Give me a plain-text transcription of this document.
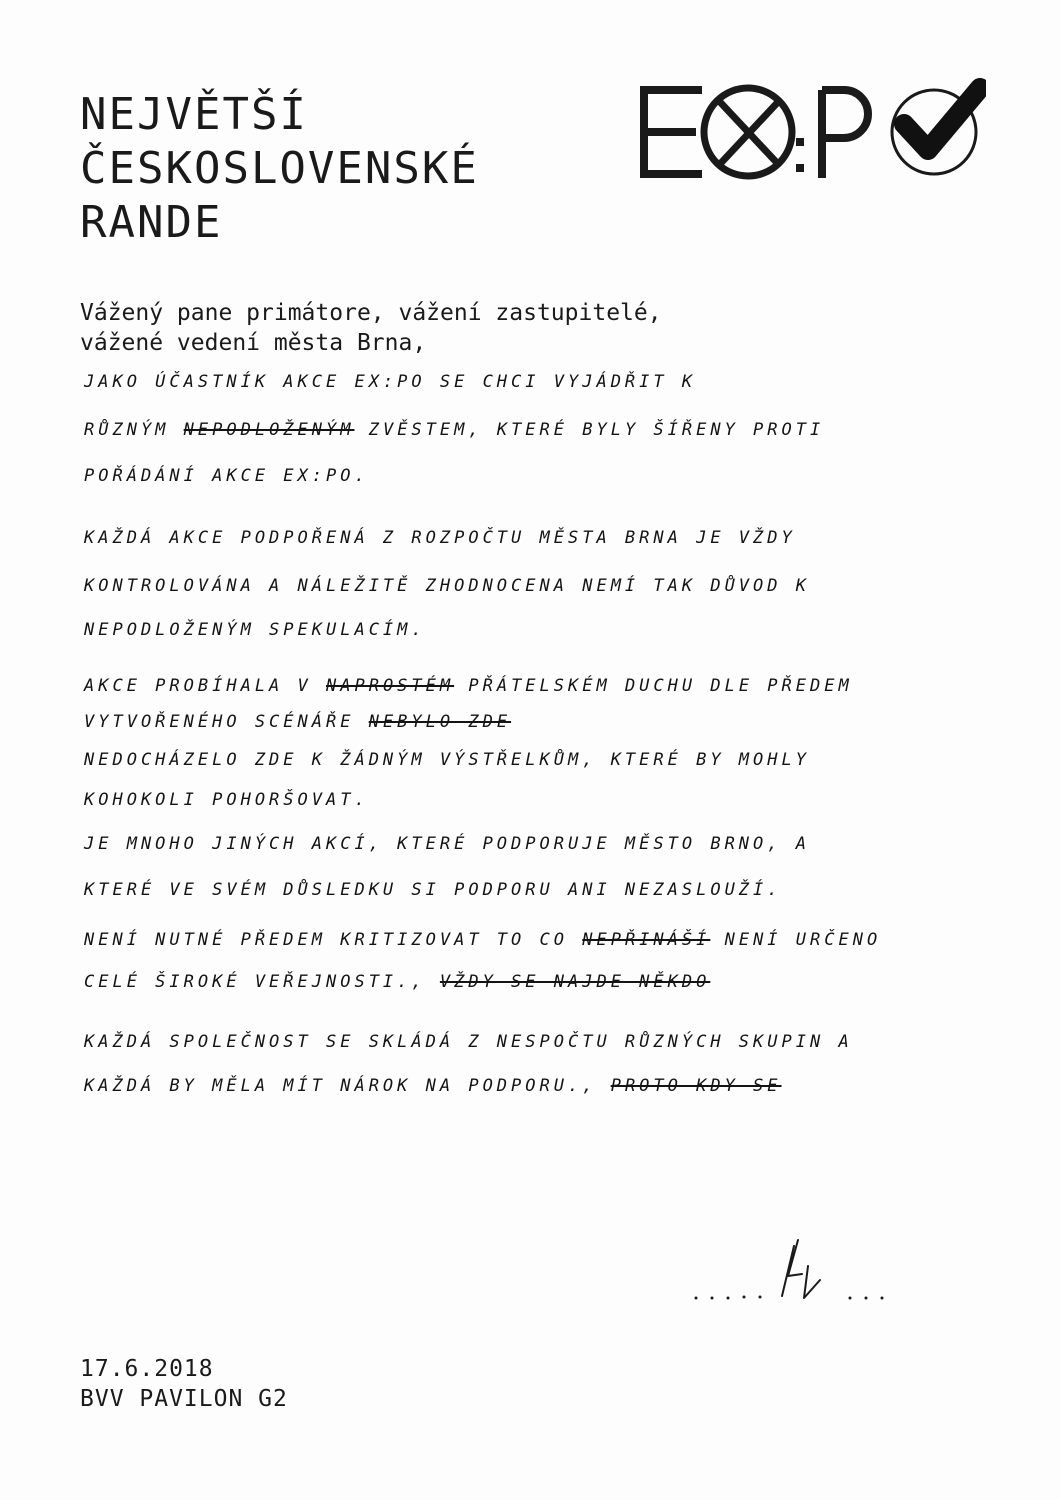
NEJVĚTŠÍ
ČESKOSLOVENSKÉ
RANDE
Vážený pane primátore, vážení zastupitelé,
vážené vedení města Brna,
JAKO ÚČASTNÍK AKCE EX:PO SE CHCI VYJÁDŘIT K
RŮZNÝM NEPODLOŽENÝM ZVĚSTEM, KTERÉ BYLY ŠÍŘENY PROTI
POŘÁDÁNÍ AKCE EX:PO.
KAŽDÁ AKCE PODPOŘENÁ Z ROZPOČTU MĚSTA BRNA JE VŽDY
KONTROLOVÁNA A NÁLEŽITĚ ZHODNOCENA NEMÍ TAK DŮVOD K
NEPODLOŽENÝM SPEKULACÍM.
AKCE PROBÍHALA V NAPROSTÉM PŘÁTELSKÉM DUCHU DLE PŘEDEM
VYTVOŘENÉHO SCÉNÁŘE NEBYLO ZDE
NEDOCHÁZELO ZDE K ŽÁDNÝM VÝSTŘELKŮM, KTERÉ BY MOHLY
KOHOKOLI POHORŠOVAT.
JE MNOHO JINÝCH AKCÍ, KTERÉ PODPORUJE MĚSTO BRNO, A
KTERÉ VE SVÉM DŮSLEDKU SI PODPORU ANI NEZASLOUŽÍ.
NENÍ NUTNÉ PŘEDEM KRITIZOVAT TO CO NEPŘINÁŠÍ NENÍ URČENO
CELÉ ŠIROKÉ VEŘEJNOSTI., VŽDY SE NAJDE NĚKDO
KAŽDÁ SPOLEČNOST SE SKLÁDÁ Z NESPOČTU RŮZNÝCH SKUPIN A
KAŽDÁ BY MĚLA MÍT NÁROK NA PODPORU., PROTO KDY SE
17.6.2018
BVV PAVILON G2
